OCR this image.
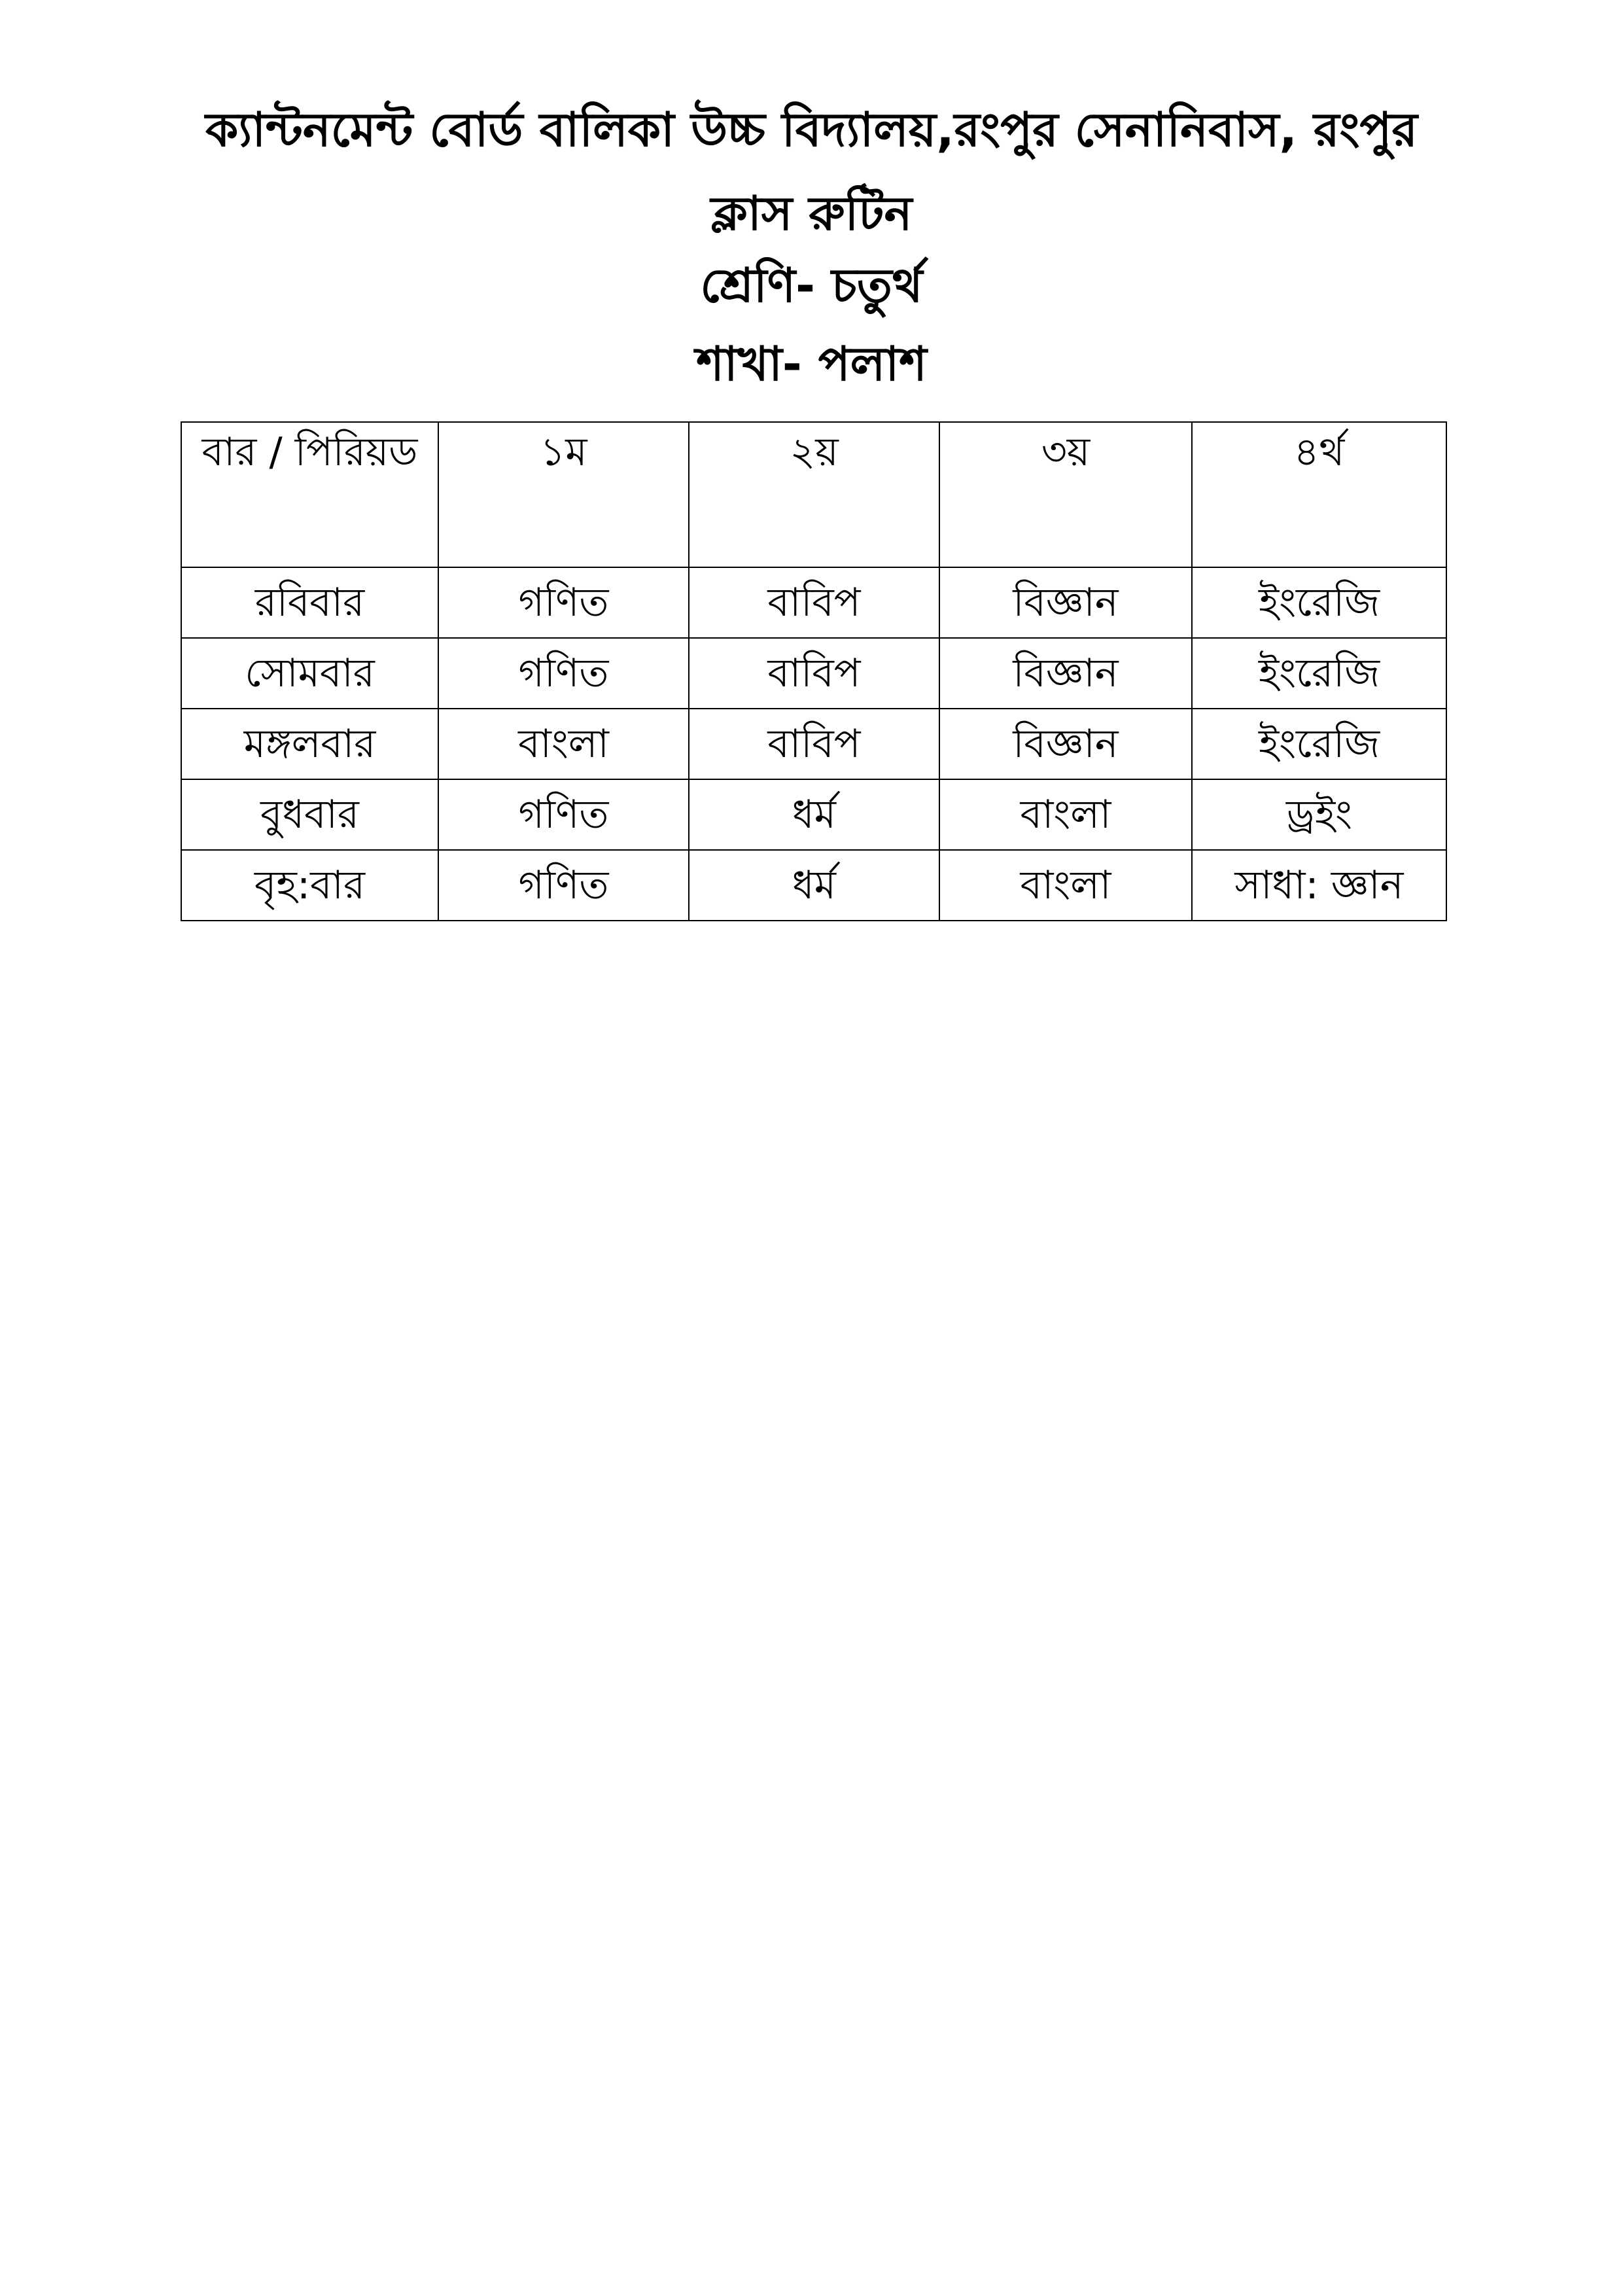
ক্যান্টনমেন্ট বোর্ড বালিকা উচ্চ বিদ্যালয়,রংপুর সেনানিবাস, রংপুর
ক্লাস রুটিন
শ্রেণি- চতুর্থ
শাখা- পলাশ
বার / পিরিয়ড	১ম	২য়	৩য়	৪র্থ
রবিবার	গণিত	বাবিপ	বিজ্ঞান	ইংরেজি
সোমবার	গণিত	বাবিপ	বিজ্ঞান	ইংরেজি
মঙ্গলবার	বাংলা	বাবিপ	বিজ্ঞান	ইংরেজি
বুধবার	গণিত	ধর্ম	বাংলা	ড্রইং
বৃহ:বার	গণিত	ধর্ম	বাংলা	সাধা: জ্ঞান
